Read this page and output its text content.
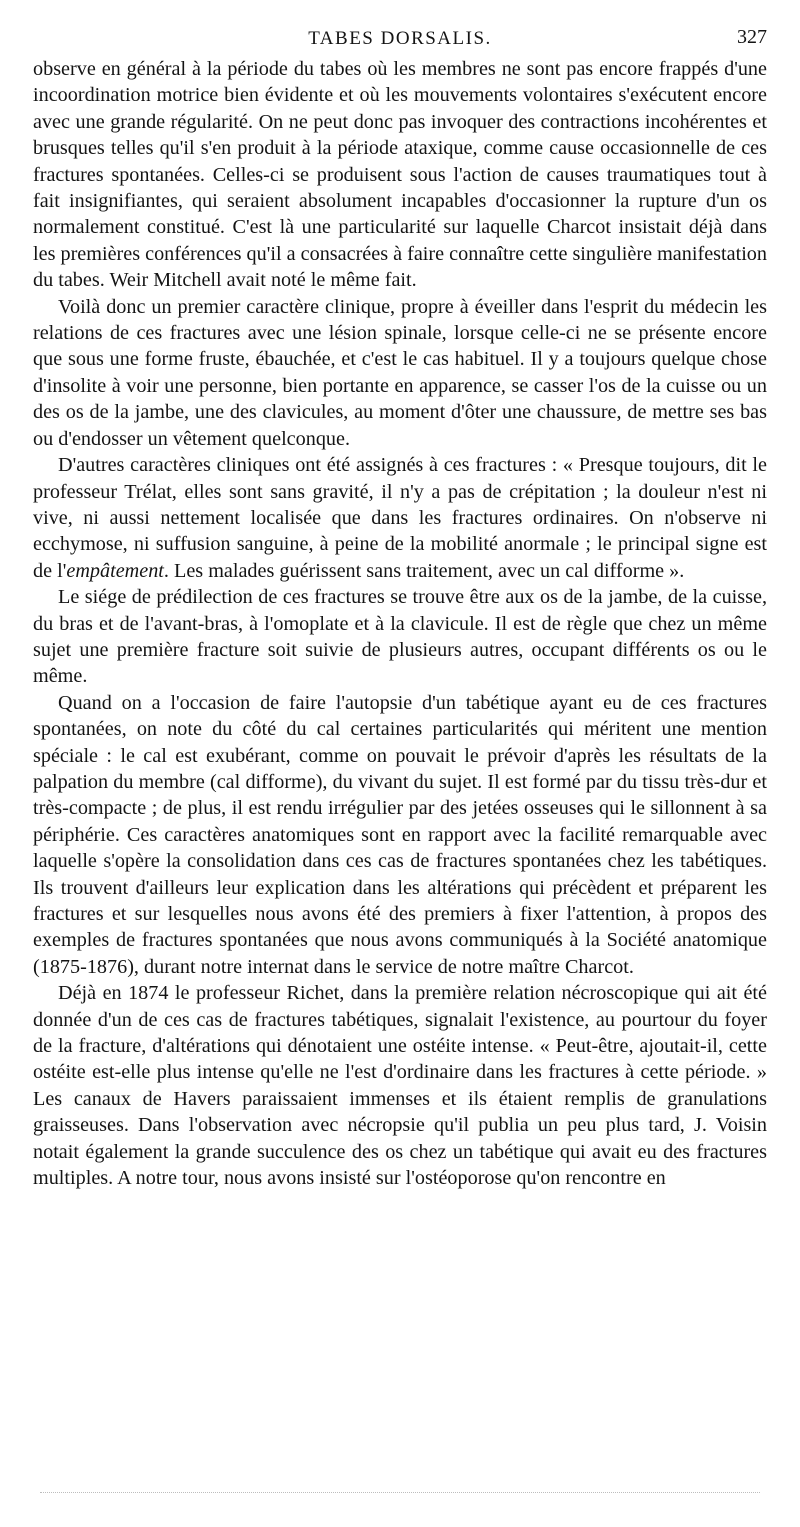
TABES DORSALIS.	327

observe en général à la période du tabes où les membres ne sont pas encore frappés d'une incoordination motrice bien évidente et où les mouvements volontaires s'exécutent encore avec une grande régularité. On ne peut donc pas invoquer des contractions incohérentes et brusques telles qu'il s'en produit à la période ataxique, comme cause occasionnelle de ces fractures spontanées. Celles-ci se produisent sous l'action de causes traumatiques tout à fait insignifiantes, qui seraient absolument incapables d'occasionner la rupture d'un os normalement constitué. C'est là une particularité sur laquelle Charcot insistait déjà dans les premières conférences qu'il a consacrées à faire connaître cette singulière manifestation du tabes. Weir Mitchell avait noté le même fait.

Voilà donc un premier caractère clinique, propre à éveiller dans l'esprit du médecin les relations de ces fractures avec une lésion spinale, lorsque celle-ci ne se présente encore que sous une forme fruste, ébauchée, et c'est le cas habituel. Il y a toujours quelque chose d'insolite à voir une personne, bien portante en apparence, se casser l'os de la cuisse ou un des os de la jambe, une des clavicules, au moment d'ôter une chaussure, de mettre ses bas ou d'endosser un vêtement quelconque.

D'autres caractères cliniques ont été assignés à ces fractures : « Presque toujours, dit le professeur Trélat, elles sont sans gravité, il n'y a pas de crépitation ; la douleur n'est ni vive, ni aussi nettement localisée que dans les fractures ordinaires. On n'observe ni ecchymose, ni suffusion sanguine, à peine de la mobilité anormale ; le principal signe est de l'empâtement. Les malades guérissent sans traitement, avec un cal difforme ».

Le siége de prédilection de ces fractures se trouve être aux os de la jambe, de la cuisse, du bras et de l'avant-bras, à l'omoplate et à la clavicule. Il est de règle que chez un même sujet une première fracture soit suivie de plusieurs autres, occupant différents os ou le même.

Quand on a l'occasion de faire l'autopsie d'un tabétique ayant eu de ces fractures spontanées, on note du côté du cal certaines particularités qui méritent une mention spéciale : le cal est exubérant, comme on pouvait le prévoir d'après les résultats de la palpation du membre (cal difforme), du vivant du sujet. Il est formé par du tissu très-dur et très-compacte ; de plus, il est rendu irrégulier par des jetées osseuses qui le sillonnent à sa périphérie. Ces caractères anatomiques sont en rapport avec la facilité remarquable avec laquelle s'opère la consolidation dans ces cas de fractures spontanées chez les tabétiques. Ils trouvent d'ailleurs leur explication dans les altérations qui précèdent et préparent les fractures et sur lesquelles nous avons été des premiers à fixer l'attention, à propos des exemples de fractures spontanées que nous avons communiqués à la Société anatomique (1875-1876), durant notre internat dans le service de notre maître Charcot.

Déjà en 1874 le professeur Richet, dans la première relation nécroscopique qui ait été donnée d'un de ces cas de fractures tabétiques, signalait l'existence, au pourtour du foyer de la fracture, d'altérations qui dénotaient une ostéite intense. « Peut-être, ajoutait-il, cette ostéite est-elle plus intense qu'elle ne l'est d'ordinaire dans les fractures à cette période. » Les canaux de Havers paraissaient immenses et ils étaient remplis de granulations graisseuses. Dans l'observation avec nécropsie qu'il publia un peu plus tard, J. Voisin notait également la grande succulence des os chez un tabétique qui avait eu des fractures multiples. A notre tour, nous avons insisté sur l'ostéoporose qu'on rencontre en
